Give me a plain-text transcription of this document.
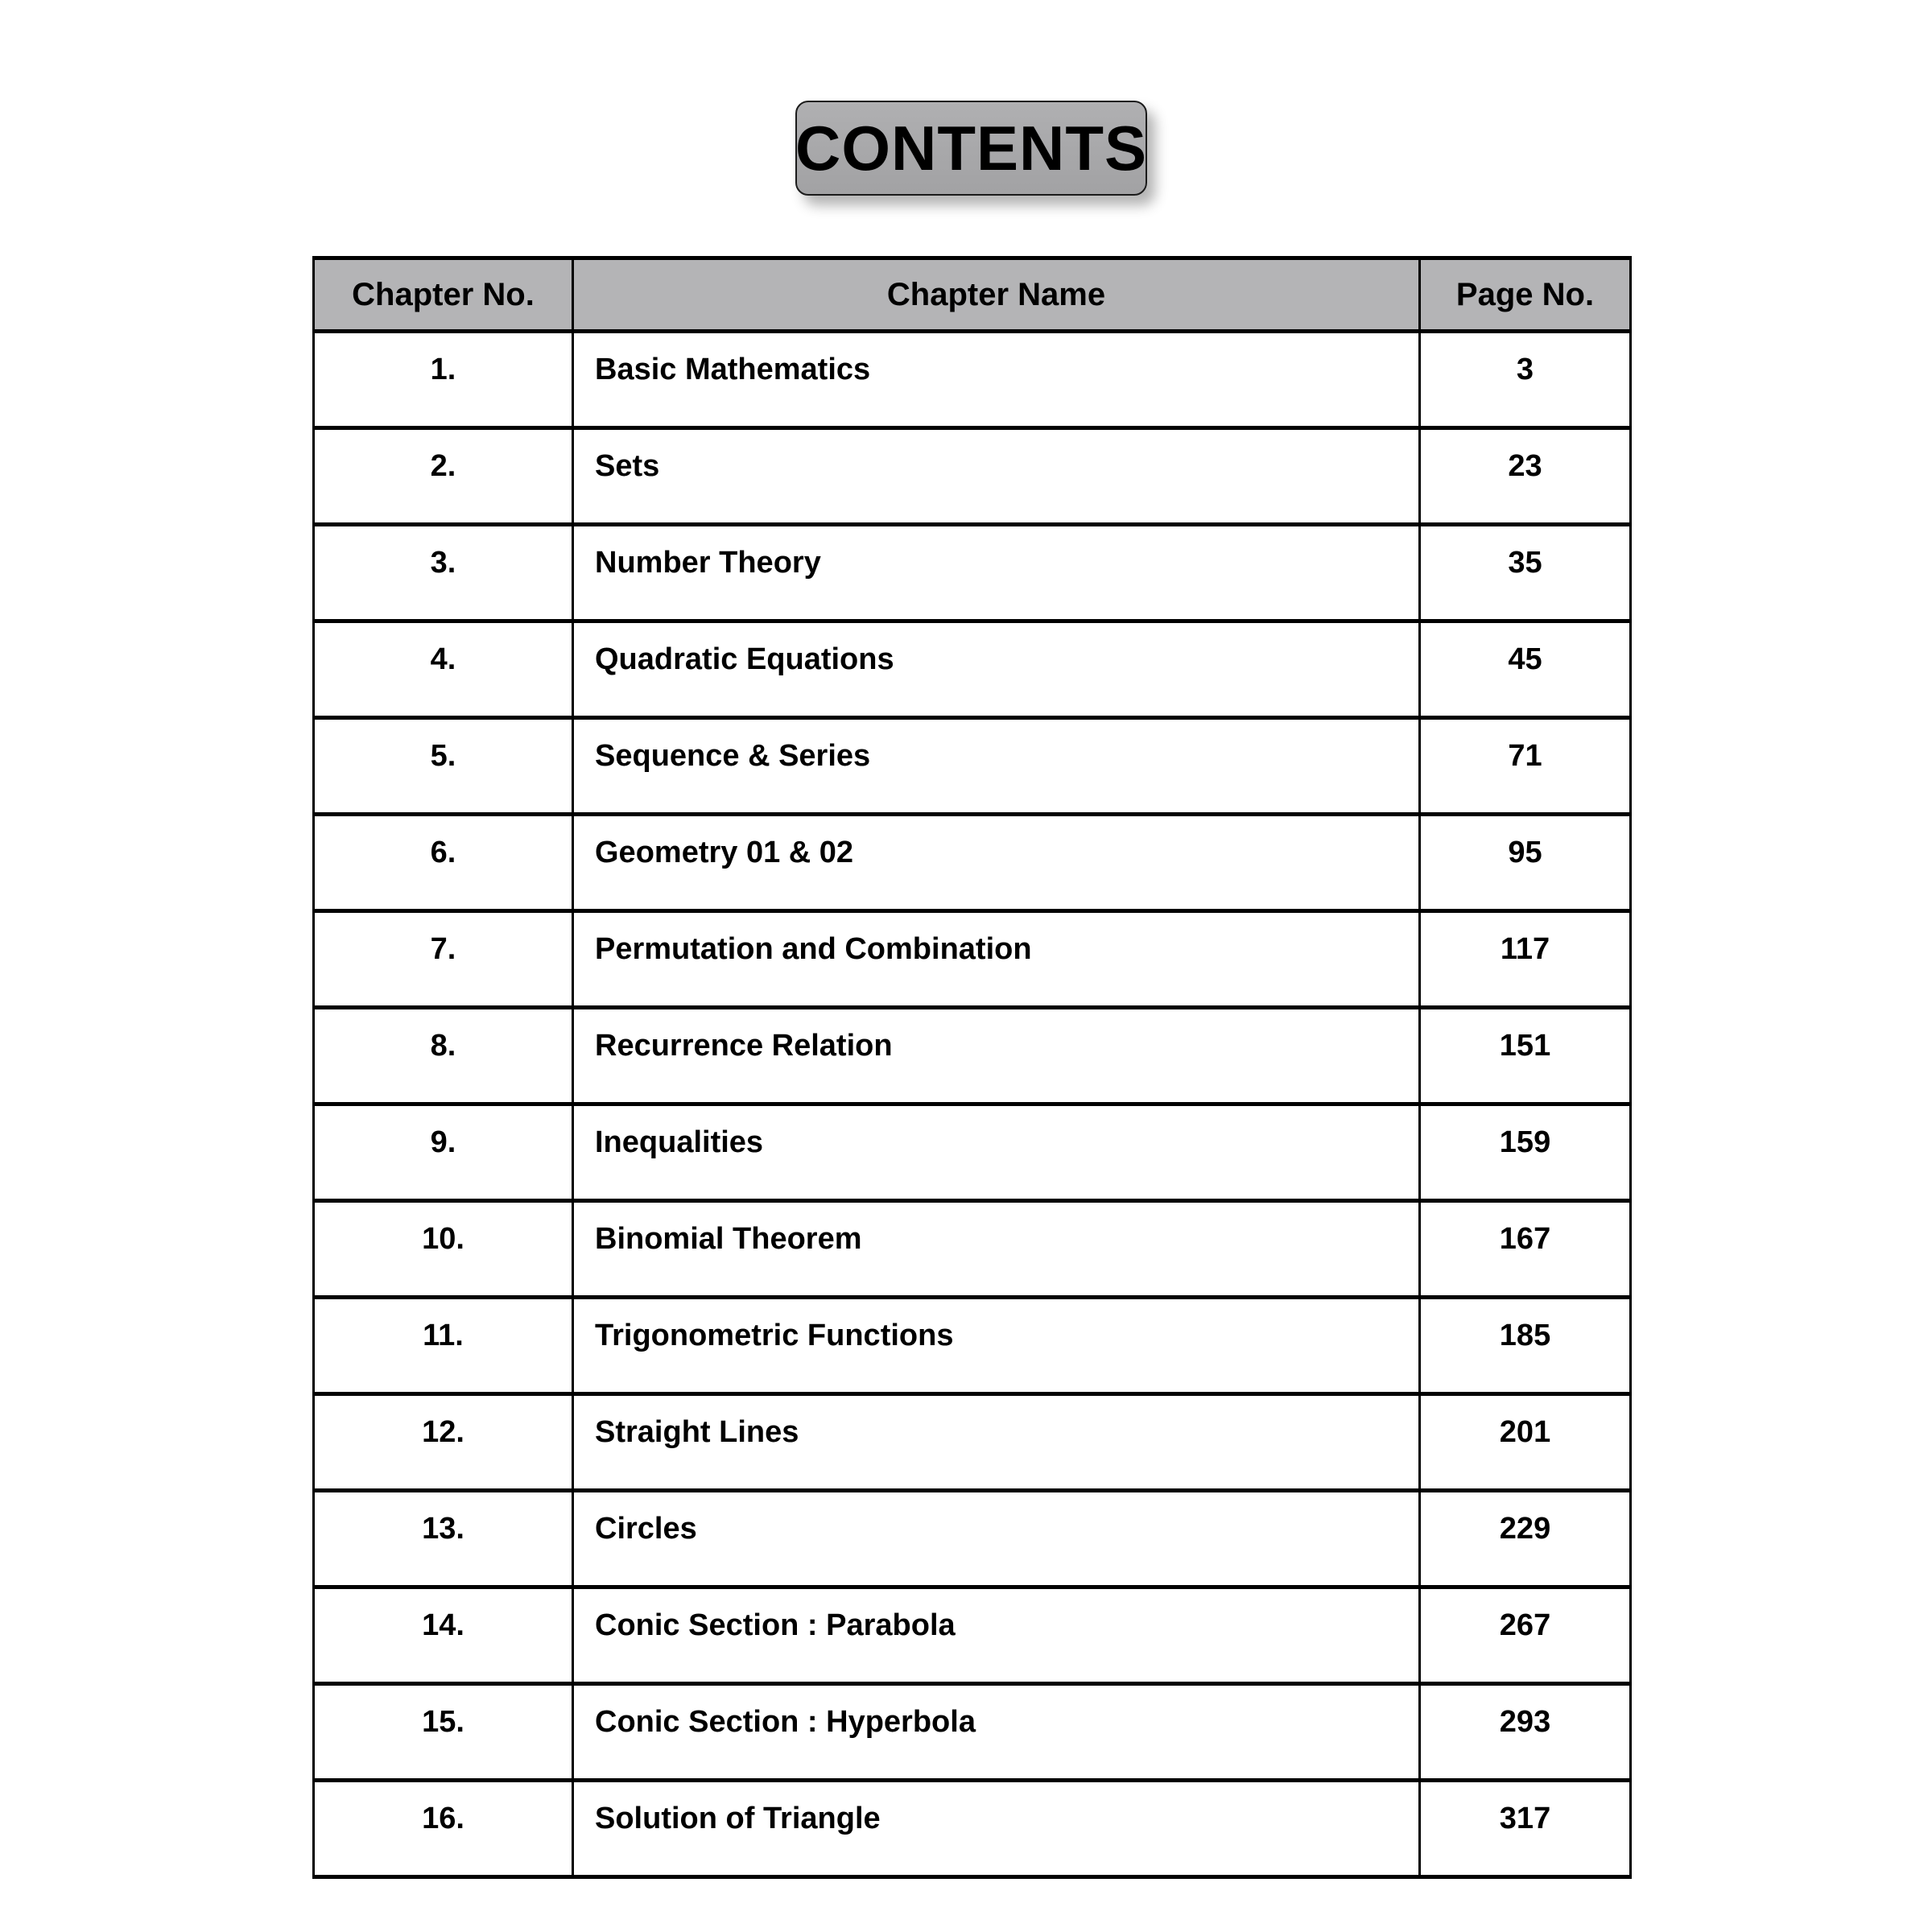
CONTENTS
Chapter No.	Chapter Name	Page No.
1.	Basic Mathematics	3
2.	Sets	23
3.	Number Theory	35
4.	Quadratic Equations	45
5.	Sequence & Series	71
6.	Geometry 01 & 02	95
7.	Permutation and Combination	117
8.	Recurrence Relation	151
9.	Inequalities	159
10.	Binomial Theorem	167
11.	Trigonometric Functions	185
12.	Straight Lines	201
13.	Circles	229
14.	Conic Section : Parabola	267
15.	Conic Section : Hyperbola	293
16.	Solution of Triangle	317
